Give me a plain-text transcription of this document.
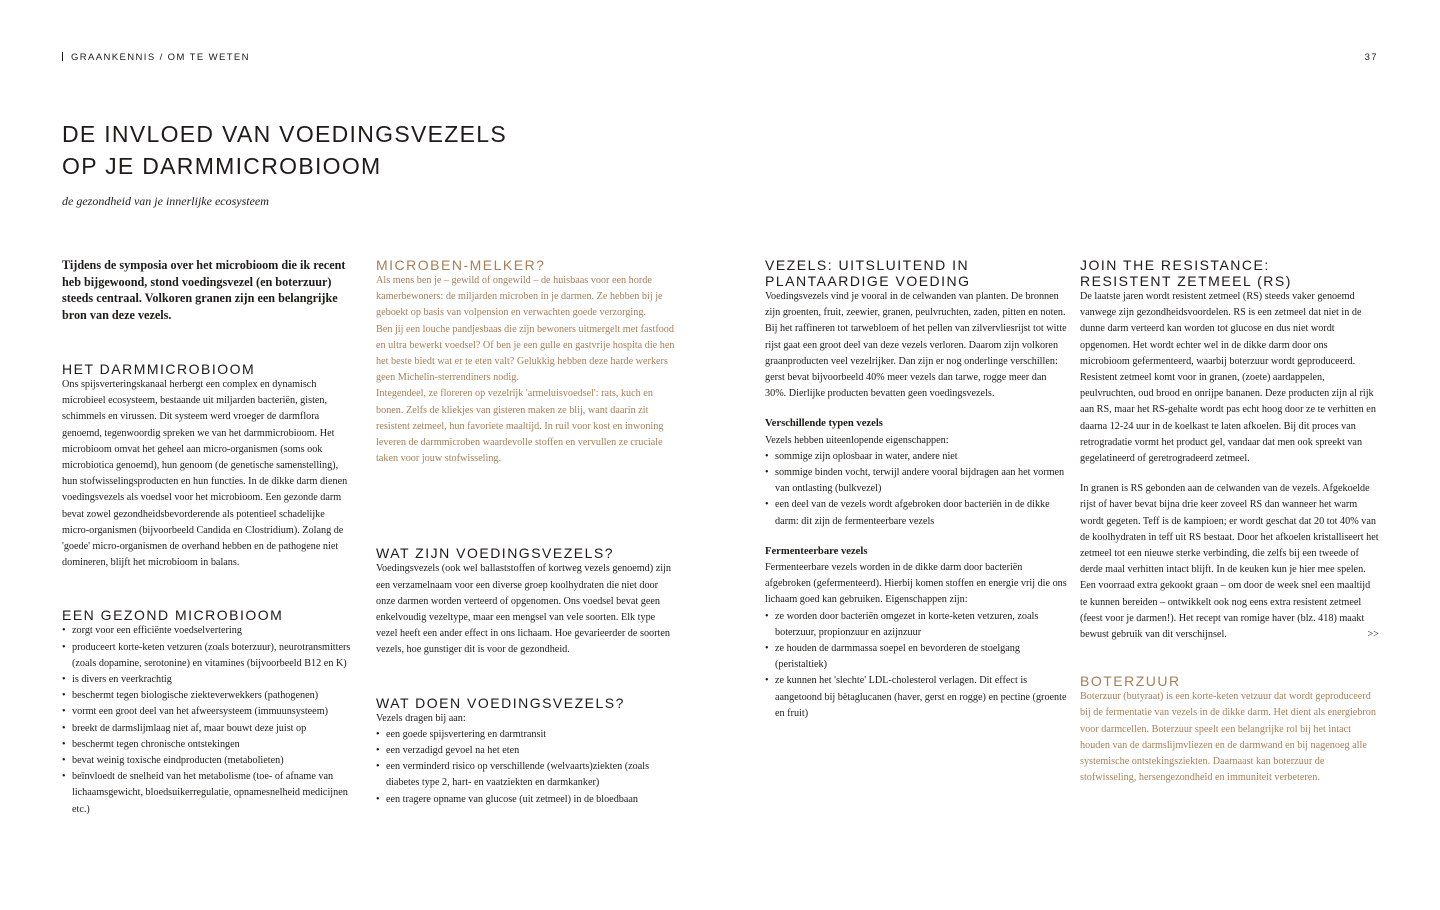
GRAANKENNIS / OM TE WETEN	37
DE INVLOED VAN VOEDINGSVEZELS
OP JE DARMMICROBIOOM
de gezondheid van je innerlijke ecosysteem

Tijdens de symposia over het microbioom die ik recent heb bijgewoond, stond voedingsvezel (en boterzuur) steeds centraal. Volkoren granen zijn een belangrijke bron van deze vezels.

HET DARMMICROBIOOM

Ons spijsverteringskanaal herbergt een complex en dynamisch microbieel ecosysteem, bestaande uit miljarden bacteriën, gisten, schimmels en virussen. Dit systeem werd vroeger de darmflora genoemd, tegenwoordig spreken we van het darmmicrobioom. Het microbioom omvat het geheel aan micro-organismen (soms ook microbiotica genoemd), hun genoom (de genetische samenstelling), hun stofwisselingsproducten en hun functies. In de dikke darm dienen voedingsvezels als voedsel voor het microbioom. Een gezonde darm bevat zowel gezondheidsbevorderende als potentieel schadelijke micro-organismen (bijvoorbeeld Candida en Clostridium). Zolang de 'goede' micro-organismen de overhand hebben en de pathogene niet domineren, blijft het microbioom in balans.

EEN GEZOND MICROBIOOM
• zorgt voor een efficiënte voedselvertering
• produceert korte-keten vetzuren (zoals boterzuur), neurotransmitters (zoals dopamine, serotonine) en vitamines (bijvoorbeeld B12 en K)
• is divers en veerkrachtig
• beschermt tegen biologische ziekteverwekkers (pathogenen)
• vormt een groot deel van het afweersysteem (immuunsysteem)
• breekt de darmslijmlaag niet af, maar bouwt deze juist op
• beschermt tegen chronische ontstekingen
• bevat weinig toxische eindproducten (metabolieten)
• beïnvloedt de snelheid van het metabolisme (toe- of afname van lichaamsgewicht, bloedsuikerregulatie, opnamesnelheid medicijnen etc.)
MICROBEN-MELKER?

Als mens ben je – gewild of ongewild – de huisbaas voor een horde kamerbewoners: de miljarden microben in je darmen. Ze hebben bij je geboekt op basis van volpension en verwachten goede verzorging.

Ben jij een louche pandjesbaas die zijn bewoners uitmergelt met fastfood en ultra bewerkt voedsel? Of ben je een gulle en gastvrije hospita die hen het beste biedt wat er te eten valt? Gelukkig hebben deze harde werkers geen Michelin-sterrendiners nodig.

Integendeel, ze floreren op vezelrijk 'armeluisvoedsel': rats, kuch en bonen. Zelfs de kliekjes van gisteren maken ze blij, want daarin zit resistent zetmeel, hun favoriete maaltijd. In ruil voor kost en inwoning leveren de darmmicroben waardevolle stoffen en vervullen ze cruciale taken voor jouw stofwisseling.

WAT ZIJN VOEDINGSVEZELS?

Voedingsvezels (ook wel ballaststoffen of kortweg vezels genoemd) zijn een verzamelnaam voor een diverse groep koolhydraten die niet door onze darmen worden verteerd of opgenomen. Ons voedsel bevat geen enkelvoudig vezeltype, maar een mengsel van vele soorten. Elk type vezel heeft een ander effect in ons lichaam. Hoe gevarieerder de soorten vezels, hoe gunstiger dit is voor de gezondheid.

WAT DOEN VOEDINGSVEZELS?

Vezels dragen bij aan:

• een goede spijsvertering en darmtransit
• een verzadigd gevoel na het eten
• een verminderd risico op verschillende (welvaarts)ziekten (zoals diabetes type 2, hart- en vaatziekten en darmkanker)
• een tragere opname van glucose (uit zetmeel) in de bloedbaan
VEZELS: UITSLUITEND IN
PLANTAARDIGE VOEDING

Voedingsvezels vind je vooral in de celwanden van planten. De bronnen zijn groenten, fruit, zeewier, granen, peulvruchten, zaden, pitten en noten. Bij het raffineren tot tarwebloem of het pellen van zilvervliesrijst tot witte rijst gaat een groot deel van deze vezels verloren. Daarom zijn volkoren graanproducten veel vezelrijker. Dan zijn er nog onderlinge verschillen: gerst bevat bijvoorbeeld 40% meer vezels dan tarwe, rogge meer dan 30%. Dierlijke producten bevatten geen voedingsvezels.

Verschillende typen vezels

Vezels hebben uiteenlopende eigenschappen:

• sommige zijn oplosbaar in water, andere niet
• sommige binden vocht, terwijl andere vooral bijdragen aan het vormen van ontlasting (bulkvezel)
• een deel van de vezels wordt afgebroken door bacteriën in de dikke darm: dit zijn de fermenteerbare vezels

Fermenteerbare vezels

Fermenteerbare vezels worden in de dikke darm door bacteriën afgebroken (gefermenteerd). Hierbij komen stoffen en energie vrij die ons lichaam goed kan gebruiken. Eigenschappen zijn:

• ze worden door bacteriën omgezet in korte-keten vetzuren, zoals boterzuur, propionzuur en azijnzuur
• ze houden de darmmassa soepel en bevorderen de stoelgang (peristaltiek)
• ze kunnen het 'slechte' LDL-cholesterol verlagen. Dit effect is aangetoond bij bètaglucanen (haver, gerst en rogge) en pectine (groente en fruit)
JOIN THE RESISTANCE:
RESISTENT ZETMEEL (RS)

De laatste jaren wordt resistent zetmeel (RS) steeds vaker genoemd vanwege zijn gezondheidsvoordelen. RS is een zetmeel dat niet in de dunne darm verteerd kan worden tot glucose en dus niet wordt opgenomen. Het wordt echter wel in de dikke darm door ons microbioom gefermenteerd, waarbij boterzuur wordt geproduceerd. Resistent zetmeel komt voor in granen, (zoete) aardappelen, peulvruchten, oud brood en onrijpe bananen. Deze producten zijn al rijk aan RS, maar het RS-gehalte wordt pas echt hoog door ze te verhitten en daarna 12-24 uur in de koelkast te laten afkoelen. Bij dit proces van retrogradatie vormt het product gel, vandaar dat men ook spreekt van gegelatineerd of geretrogradeerd zetmeel.

In granen is RS gebonden aan de celwanden van de vezels. Afgekoelde rijst of haver bevat bijna drie keer zoveel RS dan wanneer het warm wordt gegeten. Teff is de kampioen; er wordt geschat dat 20 tot 40% van de koolhydraten in teff uit RS bestaat. Door het afkoelen kristalliseert het zetmeel tot een nieuwe sterke verbinding, die zelfs bij een tweede of derde maal verhitten intact blijft. In de keuken kun je hier mee spelen. Een voorraad extra gekookt graan – om door de week snel een maaltijd te kunnen bereiden – ontwikkelt ook nog eens extra resistent zetmeel (feest voor je darmen!). Het recept van romige haver (blz. 418) maakt bewust gebruik van dit verschijnsel.	>>

BOTERZUUR

Boterzuur (butyraat) is een korte-keten vetzuur dat wordt geproduceerd bij de fermentatie van vezels in de dikke darm. Het dient als energiebron voor darmcellen. Boterzuur speelt een belangrijke rol bij het intact houden van de darmslijmvliezen en de darmwand en bij nagenoeg alle systemische ontstekingsziekten. Daarnaast kan boterzuur de stofwisseling, hersengezondheid en immuniteit verbeteren.
